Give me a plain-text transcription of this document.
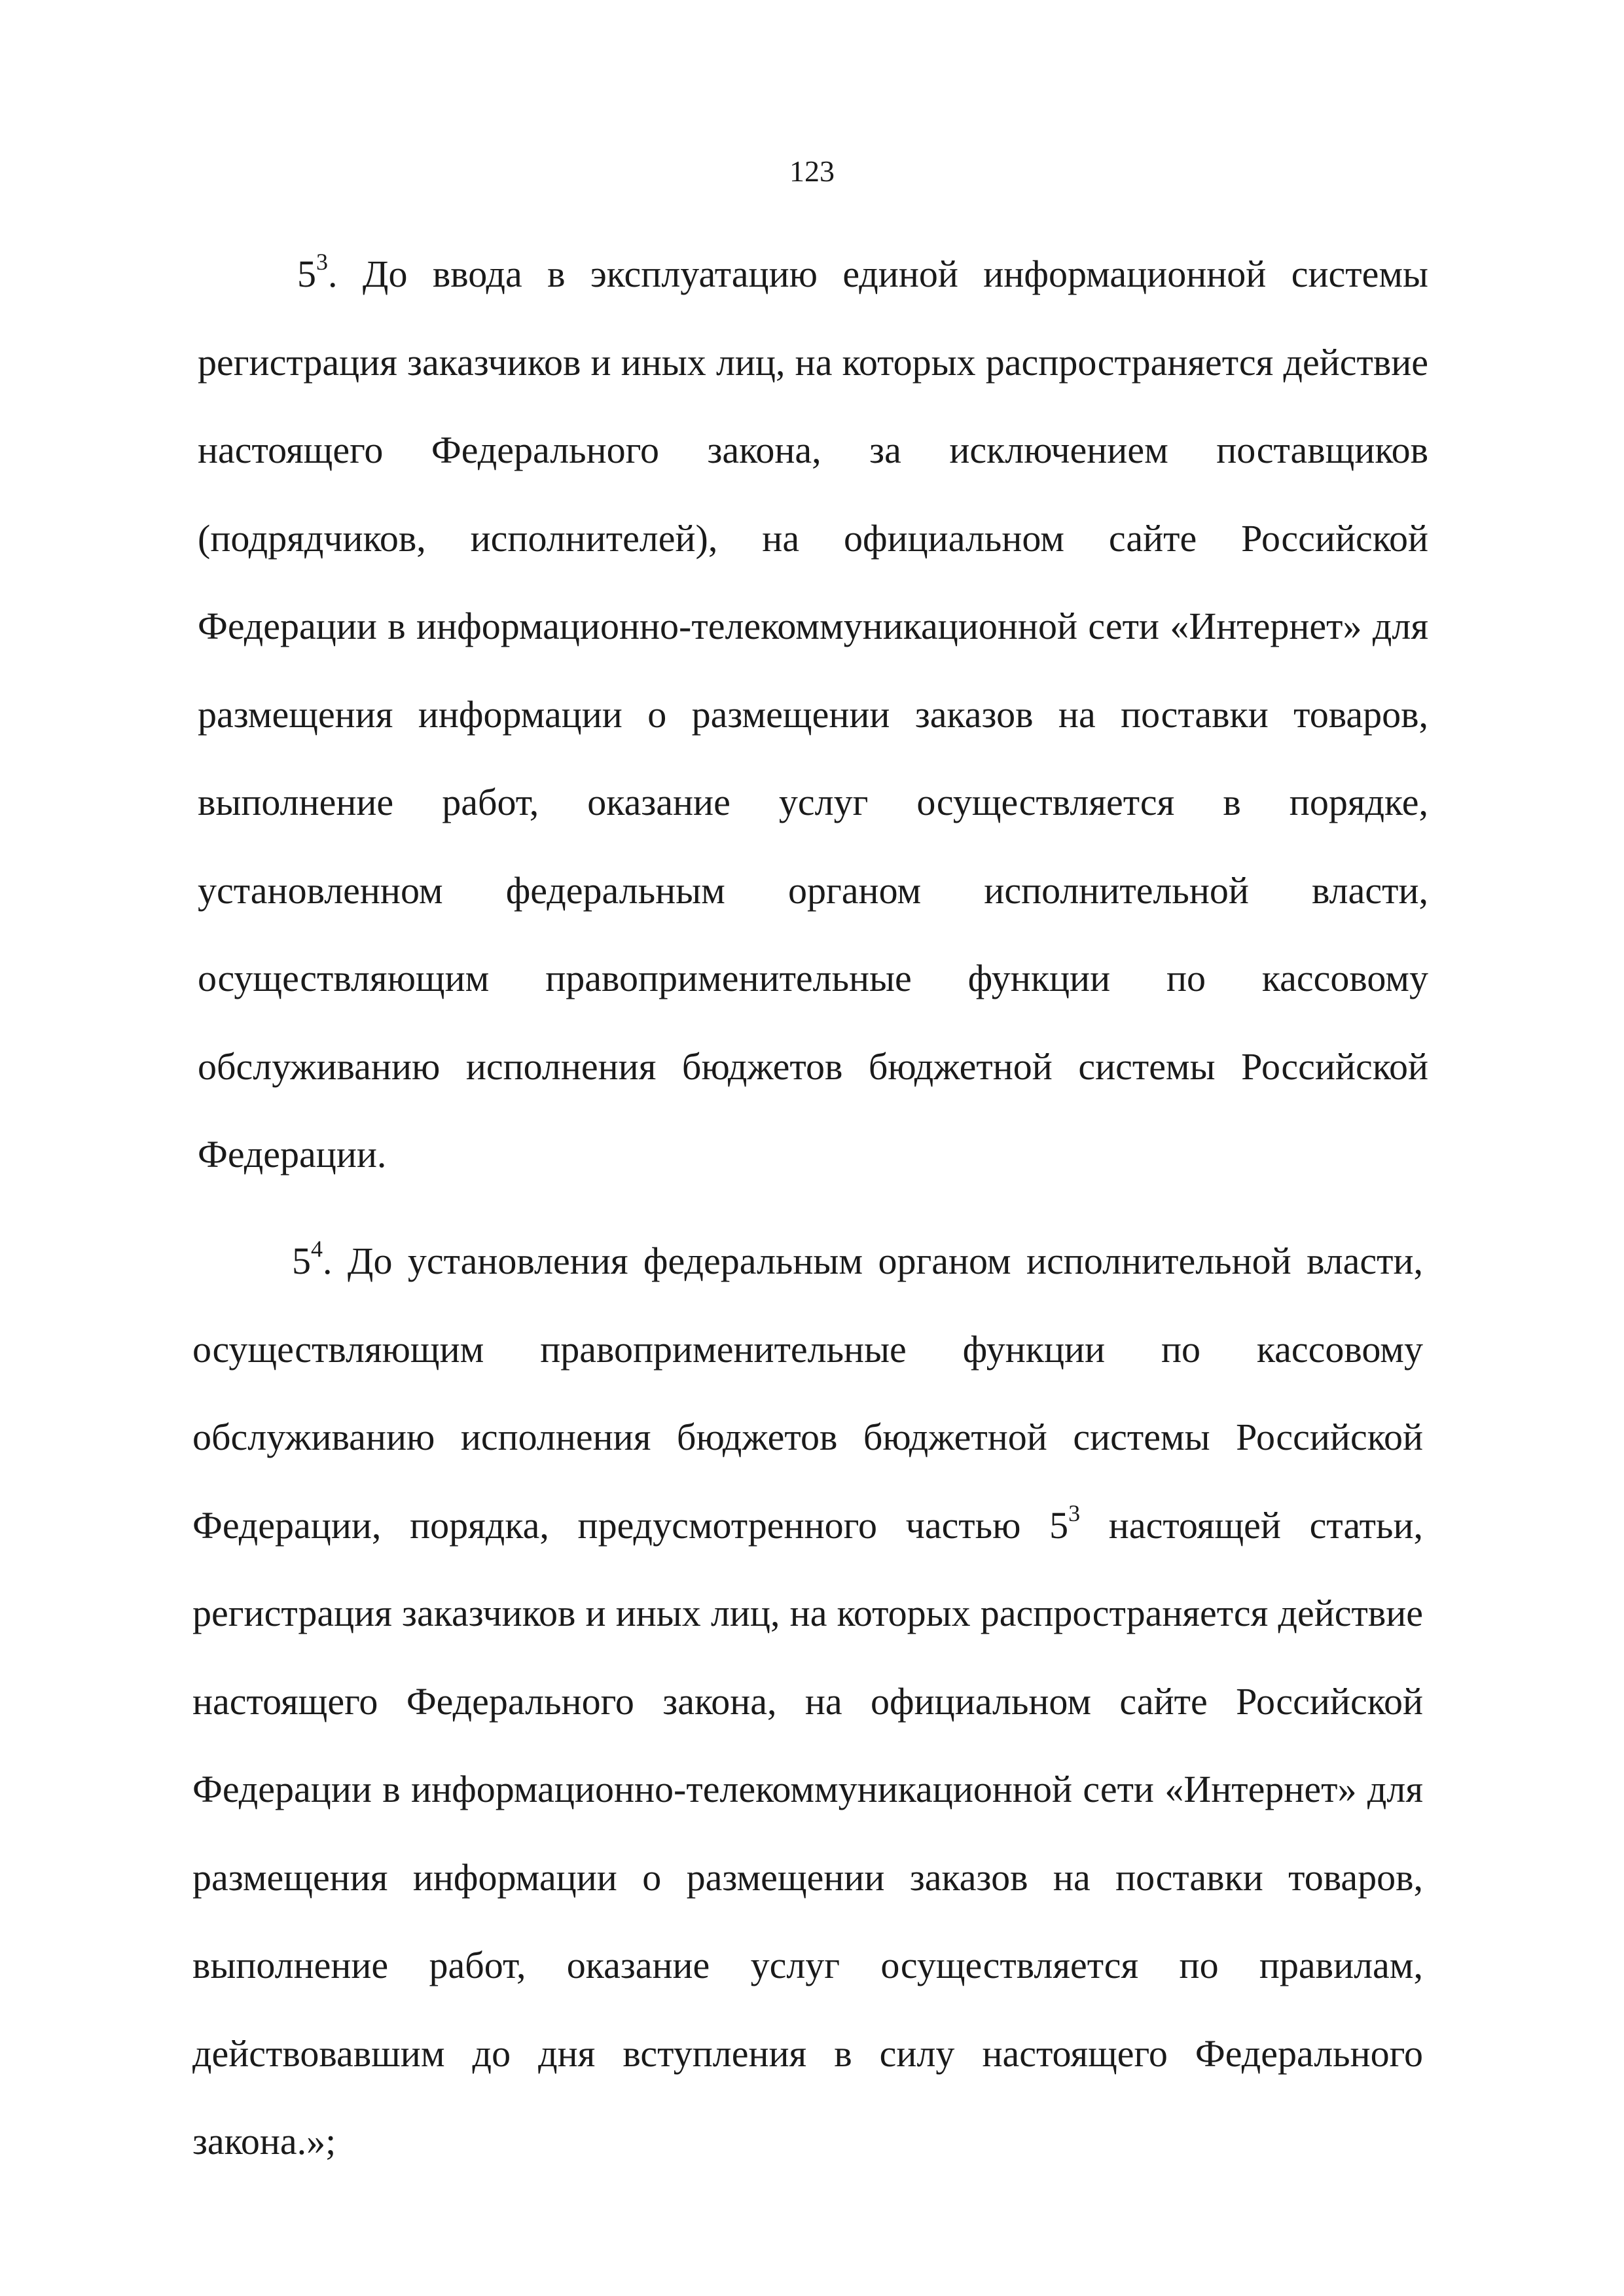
123

$5^3$. До ввода в эксплуатацию единой информационной системы регистрация заказчиков и иных лиц, на которых распространяется действие настоящего Федерального закона, за исключением поставщиков (подрядчиков, исполнителей), на официальном сайте Российской Федерации в информационно-телекоммуникационной сети «Интернет» для размещения информации о размещении заказов на поставки товаров, выполнение работ, оказание услуг осуществляется в порядке, установленном федеральным органом исполнительной власти, осуществляющим правоприменительные функции по кассовому обслуживанию исполнения бюджетов бюджетной системы Российской Федерации.

$5^4$. До установления федеральным органом исполнительной власти, осуществляющим правоприменительные функции по кассовому обслуживанию исполнения бюджетов бюджетной системы Российской Федерации, порядка, предусмотренного частью $5^3$ настоящей статьи, регистрация заказчиков и иных лиц, на которых распространяется действие настоящего Федерального закона, на официальном сайте Российской Федерации в информационно-телекоммуникационной сети «Интернет» для размещения информации о размещении заказов на поставки товаров, выполнение работ, оказание услуг осуществляется по правилам, действовавшим до дня вступления в силу настоящего Федерального закона.»;
